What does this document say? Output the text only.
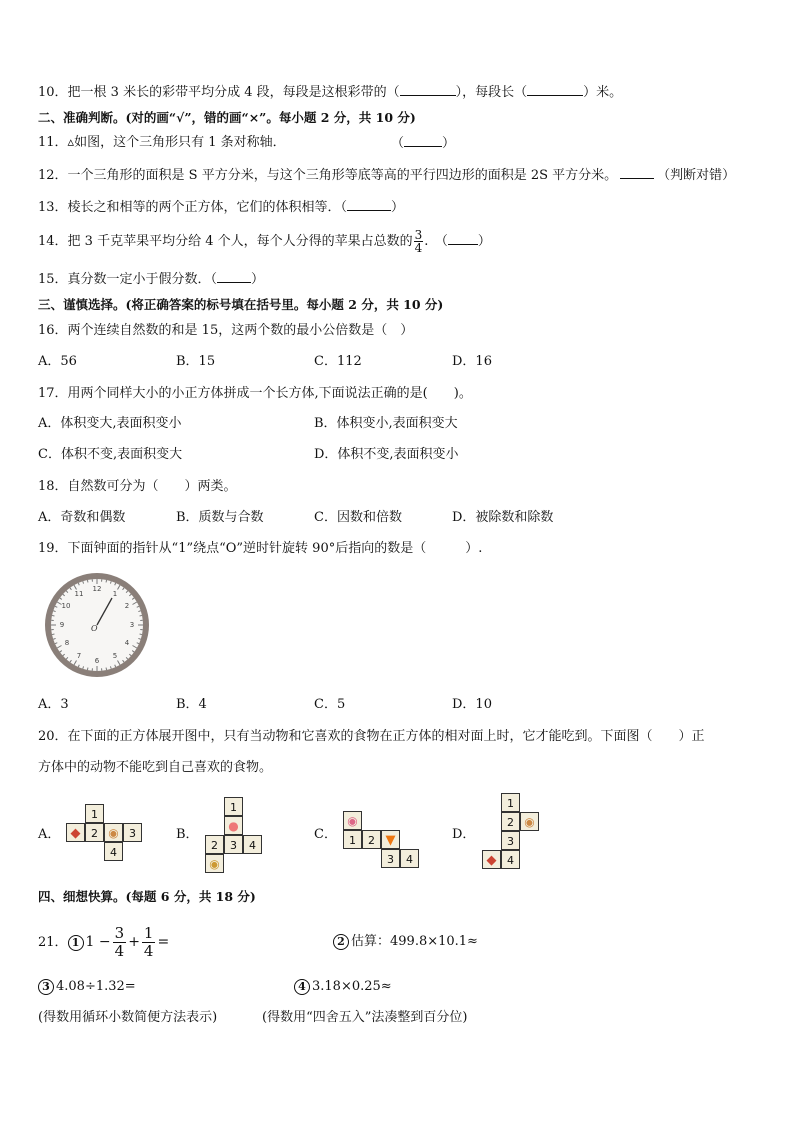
10．把一根 3 米长的彩带平均分成 4 段，每段是这根彩带的（	），每段长（	）米。
二、准确判断。(对的画“√”，错的画“×”。每小题 2 分，共 10 分)
11．▵如图，这个三角形只有 1 条对称轴．	（	）
12．一个三角形的面积是 S 平方分米，与这个三角形等底等高的平行四边形的面积是 2S 平方分米。	（判断对错）
13．棱长之和相等的两个正方体，它们的体积相等．（	）
14．把 3 千克苹果平均分给 4 个人，每个人分得的苹果占总数的 $\frac{3}{4}$ .　（ ）
15．真分数一定小于假分数．（	）
三、谨慎选择。(将正确答案的标号填在括号里。每小题 2 分，共 10 分)
16．两个连续自然数的和是 15，这两个数的最小公倍数是（　）
A．56	B．15	C．112	D．16
17．用两个同样大小的小正方体拼成一个长方体,下面说法正确的是(　　)。
A．体积变大,表面积变小	B．体积变小,表面积变大
C．体积不变,表面积变大	D．体积不变,表面积变小
18．自然数可分为（　　）两类。
A．奇数和偶数	B．质数与合数	C．因数和倍数	D．被除数和除数
19．下面钟面的指针从“1”绕点“O”逆时针旋转 90°后指向的数是（　　　）.
12
1
2
3
4
5
6
7
8
9
10
11
O
A．3	B．4	C．5	D．10
20．在下面的正方体展开图中，只有当动物和它喜欢的食物在正方体的相对面上时，它才能吃到。下面图（　　）正
方体中的动物不能吃到自己喜欢的食物。
A． ◆
1
2 ◉ 3
4
B．
1
●
2	3	4
◉
C．
◉
1	2 ▼
3	4
D．
1
2 ◉
3
◆ 4
四、细想快算。(每题 6 分，共 18 分)
21． 1 $1 - \frac{3}{4} + \frac{1}{4}$ =	2 估算：499.8×10.1≈
3 4.08÷1.32=	4 3.18×0.25≈
(得数用循环小数简便方法表示)	(得数用“四舍五入”法凑整到百分位)
